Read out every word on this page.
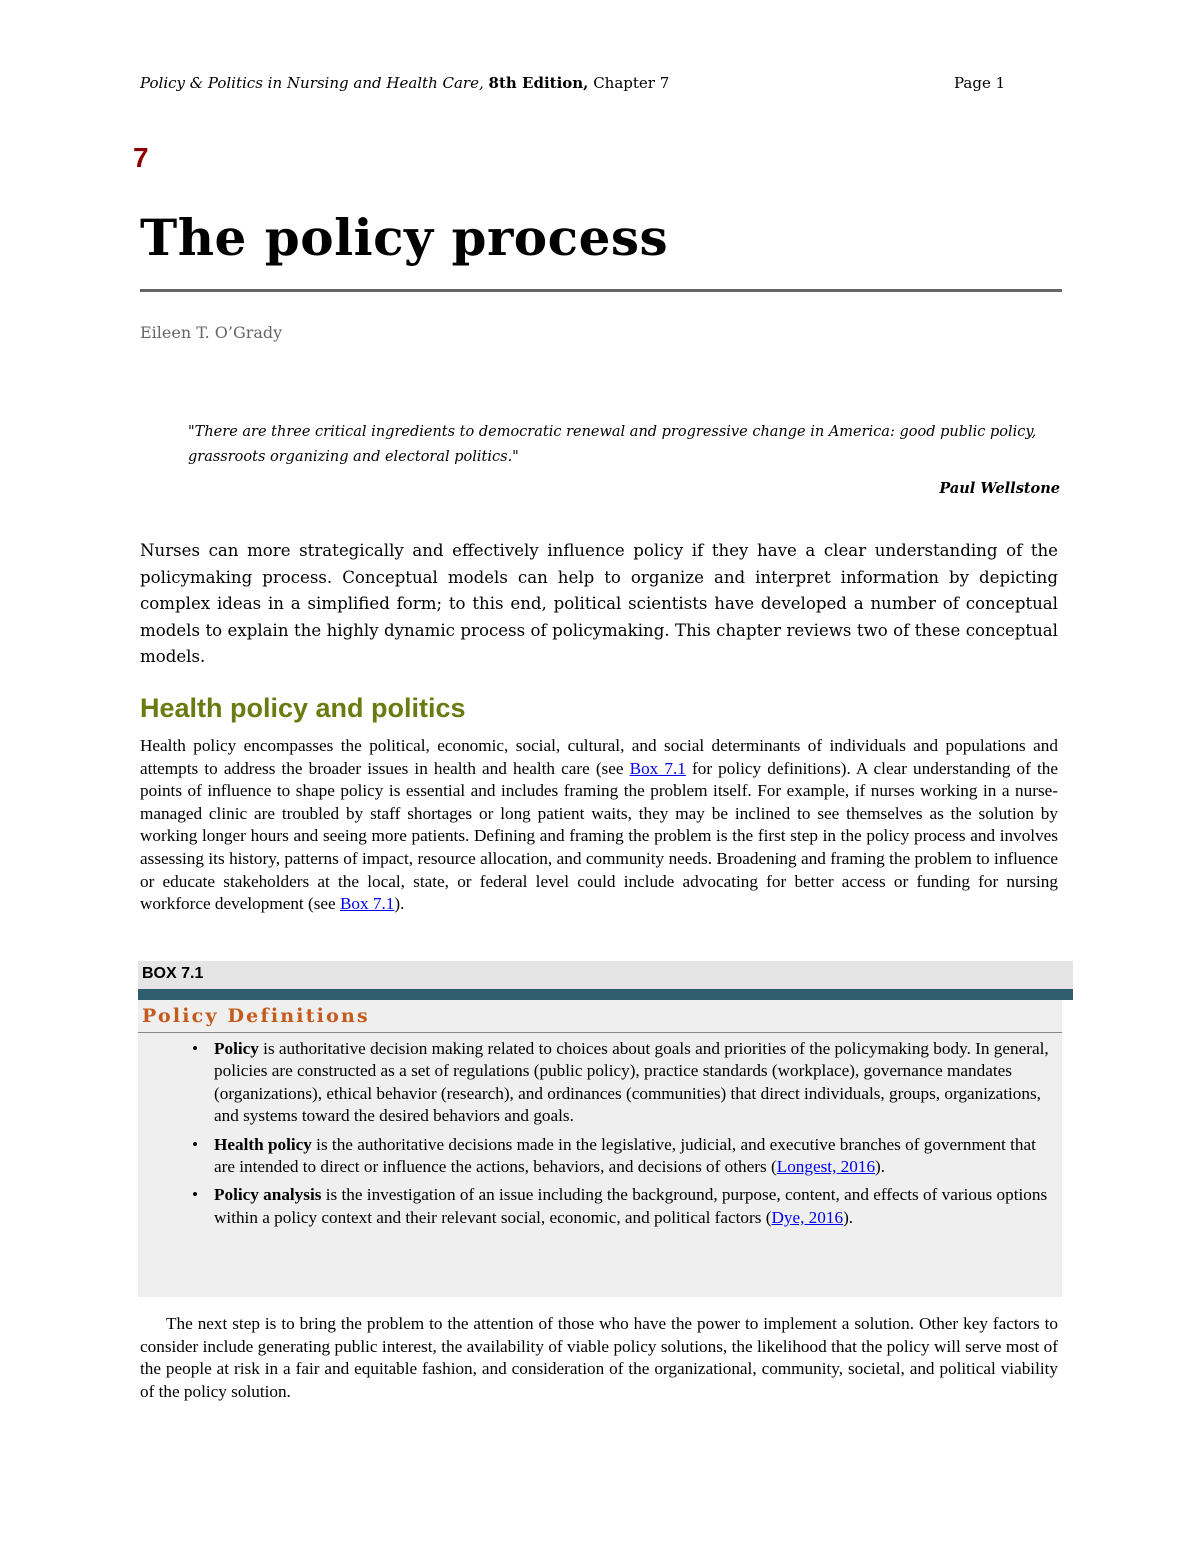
Policy & Politics in Nursing and Health Care, 8th Edition, Chapter 7	Page 1
7
The policy process
Eileen T. O’Grady
"There are three critical ingredients to democratic renewal and progressive change in America: good public policy, grassroots organizing and electoral politics."
Paul Wellstone
Nurses can more strategically and effectively influence policy if they have a clear understanding of the policymaking process. Conceptual models can help to organize and interpret information by depicting complex ideas in a simplified form; to this end, political scientists have developed a number of conceptual models to explain the highly dynamic process of policymaking. This chapter reviews two of these conceptual models.
Health policy and politics
Health policy encompasses the political, economic, social, cultural, and social determinants of individuals and populations and attempts to address the broader issues in health and health care (see Box 7.1 for policy definitions). A clear understanding of the points of influence to shape policy is essential and includes framing the problem itself. For example, if nurses working in a nurse-managed clinic are troubled by staff shortages or long patient waits, they may be inclined to see themselves as the solution by working longer hours and seeing more patients. Defining and framing the problem is the first step in the policy process and involves assessing its history, patterns of impact, resource allocation, and community needs. Broadening and framing the problem to influence or educate stakeholders at the local, state, or federal level could include advocating for better access or funding for nursing workforce development (see Box 7.1).
BOX 7.1
Policy Definitions
• Policy is authoritative decision making related to choices about goals and priorities of the policymaking body. In general, policies are constructed as a set of regulations (public policy), practice standards (workplace), governance mandates (organizations), ethical behavior (research), and ordinances (communities) that direct individuals, groups, organizations, and systems toward the desired behaviors and goals.
• Health policy is the authoritative decisions made in the legislative, judicial, and executive branches of government that are intended to direct or influence the actions, behaviors, and decisions of others (Longest, 2016).
• Policy analysis is the investigation of an issue including the background, purpose, content, and effects of various options within a policy context and their relevant social, economic, and political factors (Dye, 2016).
The next step is to bring the problem to the attention of those who have the power to implement a solution. Other key factors to consider include generating public interest, the availability of viable policy solutions, the likelihood that the policy will serve most of the people at risk in a fair and equitable fashion, and consideration of the organizational, community, societal, and political viability of the policy solution.
